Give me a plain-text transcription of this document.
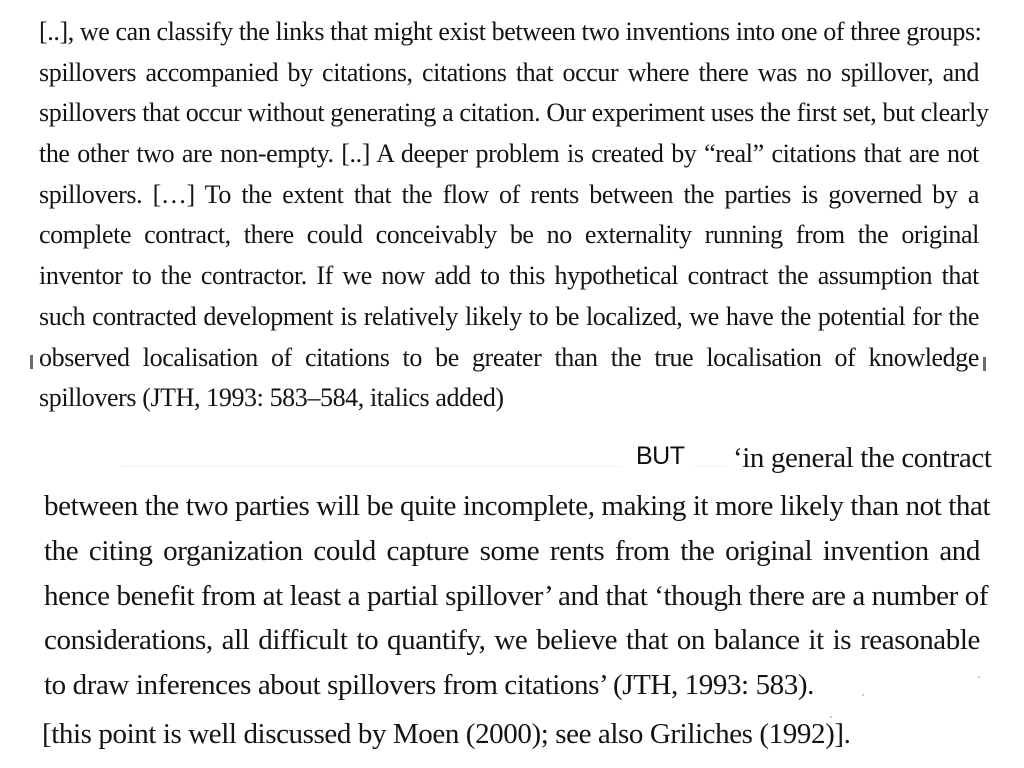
[..], we can classify the links that might exist between two inventions into one of three groups:
spillovers accompanied by citations, citations that occur where there was no spillover, and
spillovers that occur without generating a citation. Our experiment uses the first set, but clearly
the other two are non-empty. [..] A deeper problem is created by “real” citations that are not
spillovers. […] To the extent that the flow of rents between the parties is governed by a
complete contract, there could conceivably be no externality running from the original
inventor to the contractor. If we now add to this hypothetical contract the assumption that
such contracted development is relatively likely to be localized, we have the potential for the
observed localisation of citations to be greater than the true localisation of knowledge
spillovers (JTH, 1993: 583–584, italics added)
BUT ‘in general the contract
between the two parties will be quite incomplete, making it more likely than not that
the citing organization could capture some rents from the original invention and
hence benefit from at least a partial spillover’ and that ‘though there are a number of
considerations, all difficult to quantify, we believe that on balance it is reasonable
to draw inferences about spillovers from citations’ (JTH, 1993: 583).
[this point is well discussed by Moen (2000); see also Griliches (1992)].
